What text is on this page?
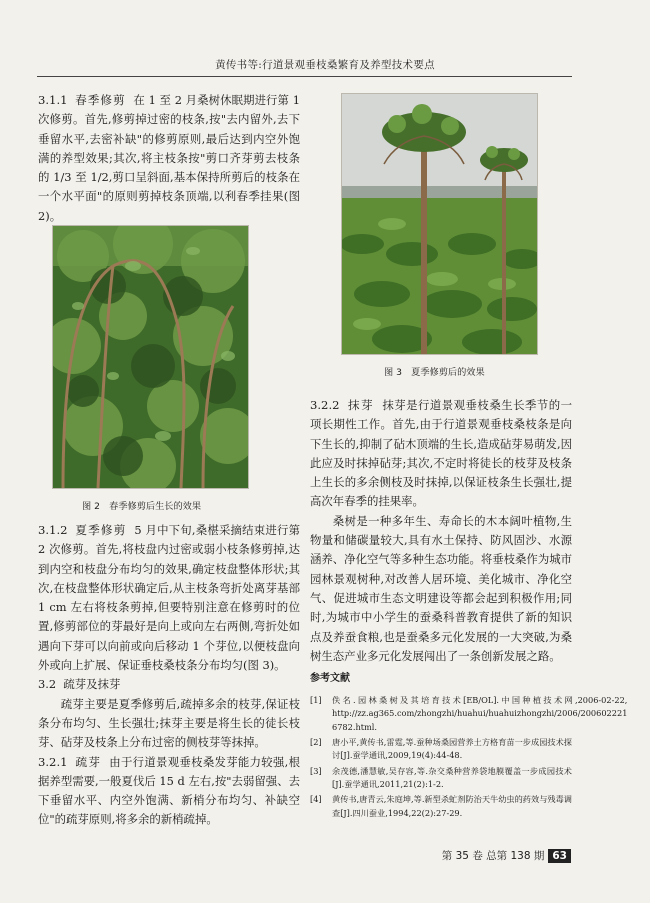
黄传书等:行道景观垂枝桑繁育及养型技术要点

3.1.1 春季修剪 在 1 至 2 月桑树休眠期进行第 1 次修剪。首先,修剪掉过密的枝条,按"去内留外,去下垂留水平,去密补缺"的修剪原则,最后达到内空外饱满的养型效果;其次,将主枝条按"剪口齐芽剪去枝条的 1/3 至 1/2,剪口呈斜面,基本保持所剪后的枝条在一个水平面"的原则剪掉枝条顶端,以利春季挂果(图 2)。

图 2　春季修剪后生长的效果

3.1.2 夏季修剪 5 月中下旬,桑椹采摘结束进行第 2 次修剪。首先,将枝盘内过密或弱小枝条修剪掉,达到内空和枝盘分布均匀的效果,确定枝盘整体形状;其次,在枝盘整体形状确定后,从主枝条弯折处离芽基部 1 cm 左右将枝条剪掉,但要特别注意在修剪时的位置,修剪部位的芽最好是向上或向左右两侧,弯折处如遇向下芽可以向前或向后移动 1 个芽位,以便枝盘向外或向上扩展、保证垂枝桑枝条分布均匀(图 3)。

3.2 疏芽及抹芽

疏芽主要是夏季修剪后,疏掉多余的枝芽,保证枝条分布均匀、生长强壮;抹芽主要是将生长的徒长枝芽、砧芽及枝条上分布过密的侧枝芽等抹掉。

3.2.1 疏芽 由于行道景观垂枝桑发芽能力较强,根据养型需要,一般夏伐后 15 d 左右,按"去弱留强、去下垂留水平、内空外饱满、新梢分布均匀、补缺空位"的疏芽原则,将多余的新梢疏掉。

图 3　夏季修剪后的效果

3.2.2 抹芽 抹芽是行道景观垂枝桑生长季节的一项长期性工作。首先,由于行道景观垂枝桑枝条是向下生长的,抑制了砧木顶端的生长,造成砧芽易萌发,因此应及时抹掉砧芽;其次,不定时将徒长的枝芽及枝条上生长的多余侧枝及时抹掉,以保证枝条生长强壮,提高次年春季的挂果率。

桑树是一种多年生、寿命长的木本阔叶植物,生物量和储碳量较大,具有水土保持、防风固沙、水源涵养、净化空气等多种生态功能。将垂枝桑作为城市园林景观树种,对改善人居环境、美化城市、净化空气、促进城市生态文明建设等都会起到积极作用;同时,为城市中小学生的蚕桑科普教育提供了新的知识点及养蚕食粮,也是蚕桑多元化发展的一大突破,为桑树生态产业多元化发展闯出了一条创新发展之路。

参考文献
[1]	佚名.园林桑树及其培育技术[EB/OL].中国种植技术网,2006-02-22, http://zz.ag365.com/zhongzhi/huahui/huahuizhongzhi/2006/200602221 6782.html.
[2]	唐小平,黄传书,雷霆,等.蚕种场桑园营养土方格育苗一步成园技术探讨[J].蚕学通讯,2009,19(4):44-48.
[3]	余茂德,潘慧敏,吴存容,等.杂交桑种营养袋地膜覆盖一步成园技术[J].蚕学通讯,2011,21(2):1-2.
[4]	黄传书,唐青云,朱庭坤,等.新型杀虻剂防治天牛幼虫的药效与残毒调查[J].四川蚕业,1994,22(2):27-29.
第 35 卷 总第 138 期 63
